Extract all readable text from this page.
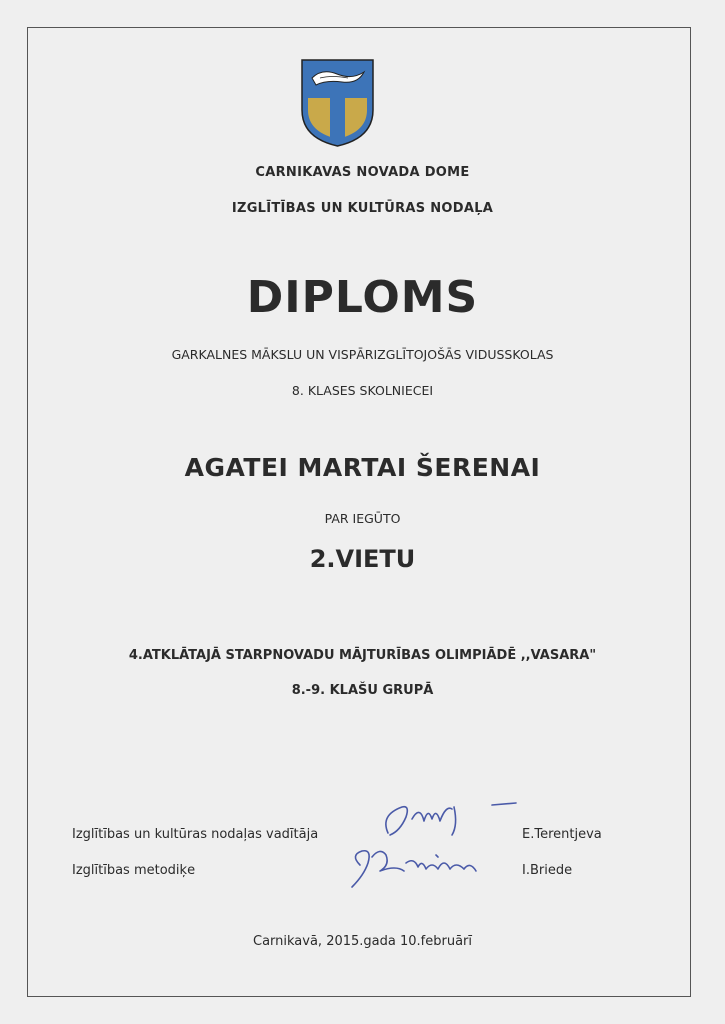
CARNIKAVAS NOVADA DOME
IZGLĪTĪBAS UN KULTŪRAS NODAĻA
DIPLOMS
GARKALNES MĀKSLU UN VISPĀRIZGLĪTOJOŠĀS VIDUSSKOLAS
8. KLASES SKOLNIECEI
AGATEI MARTAI ŠERENAI
PAR IEGŪTO
2.VIETU
4.ATKLĀTAJĀ STARPNOVADU MĀJTURĪBAS OLIMPIĀDĒ ,,VASARA"
8.-9. KLAŠU GRUPĀ
Izglītības un kultūras nodaļas vadītāja	E.Terentjeva
Izglītības metodiķe	I.Briede
Carnikavā, 2015.gada 10.februārī
